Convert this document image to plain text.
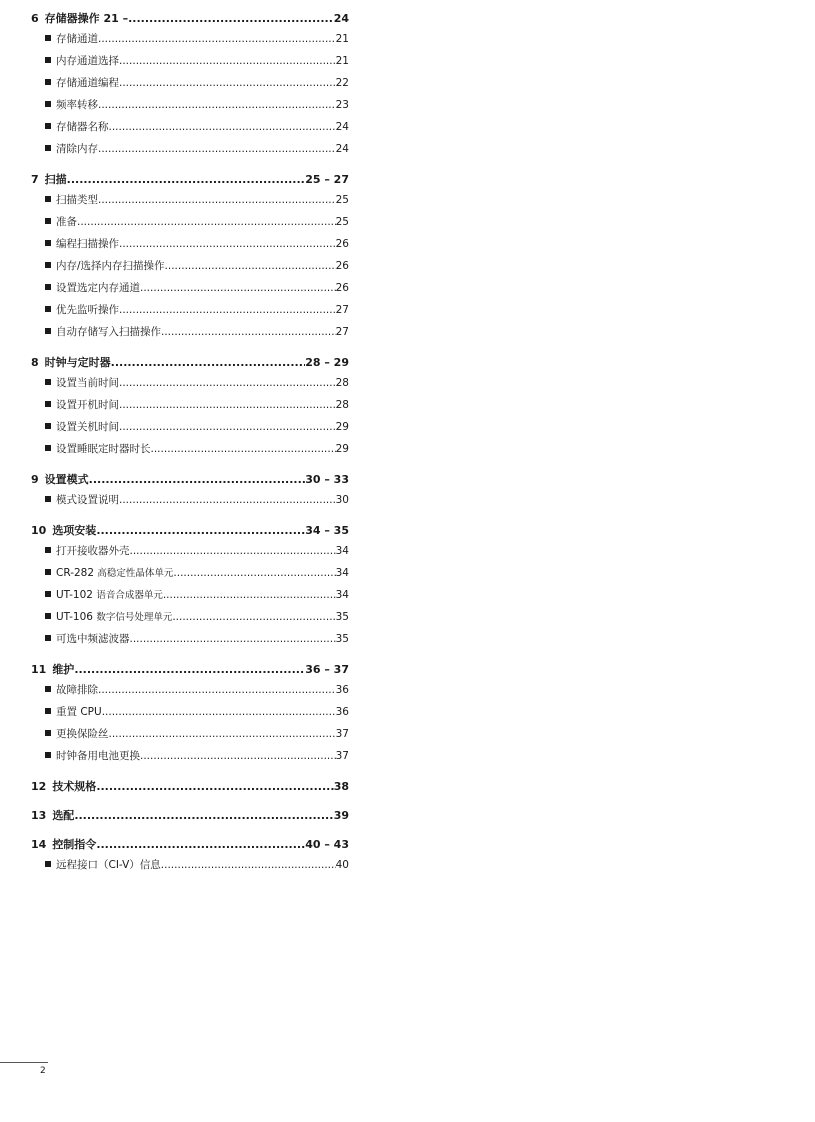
6 存储器操作 21 – .....	24
存储通道 .....	21
内存通道选择 .....	21
存储通道编程 .....	22
频率转移 .....	23
存储器名称 .....	24
清除内存 .....	24
7 扫描 .....	25 – 27
扫描类型 .....	25
准备 .....	25
编程扫描操作 .....	26
内存/选择内存扫描操作 .....	26
设置选定内存通道 .....	26
优先监听操作 .....	27
自动存储写入扫描操作 .....	27
8 时钟与定时器 .....	28 – 29
设置当前时间 .....	28
设置开机时间 .....	28
设置关机时间 .....	29
设置睡眠定时器时长 .....	29
9 设置模式 .....	30 – 33
模式设置说明 .....	30
10 选项安装 .....	34 – 35
打开接收器外壳 .....	34
CR-282 高稳定性晶体单元 .....	34
UT-102 语音合成器单元 .....	34
UT-106 数字信号处理单元 .....	35
可选中频滤波器 .....	35
11 维护 .....	36 – 37
故障排除 .....	36
重置 CPU .....	36
更换保险丝 .....	37
时钟备用电池更换 .....	37
12 技术规格 .....	38
13 选配 .....	39
14 控制指令 .....	40 – 43
远程接口（CI-V）信息 .....	40
2
